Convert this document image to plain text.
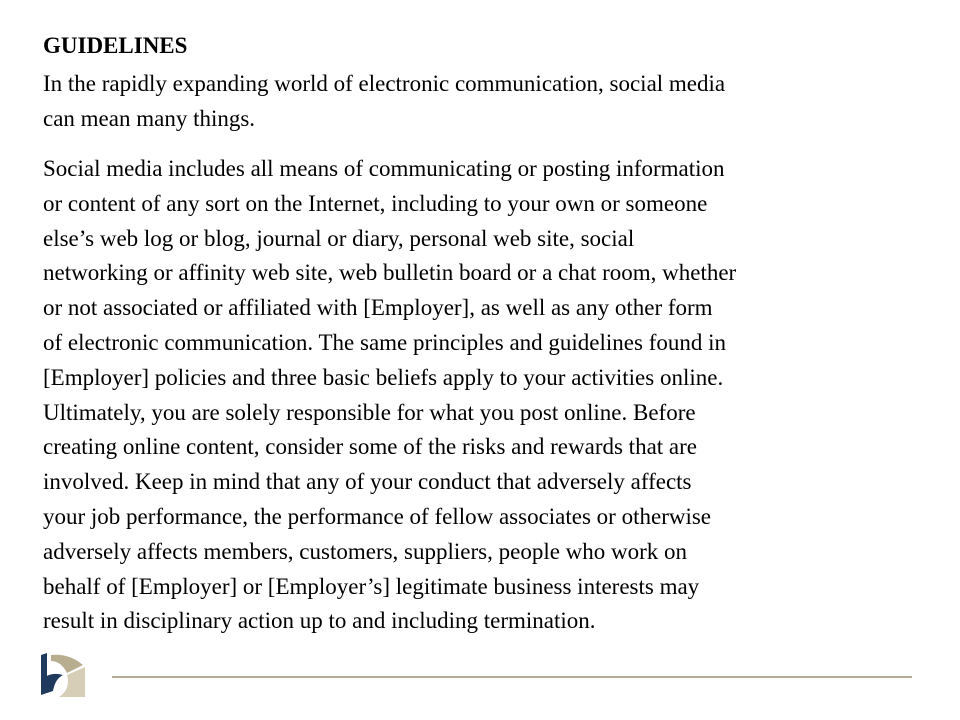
GUIDELINES
In the rapidly expanding world of electronic communication, social media
can mean many things.
Social media includes all means of communicating or posting information
or content of any sort on the Internet, including to your own or someone
else’s web log or blog, journal or diary, personal web site, social
networking or affinity web site, web bulletin board or a chat room, whether
or not associated or affiliated with [Employer], as well as any other form
of electronic communication. The same principles and guidelines found in
[Employer] policies and three basic beliefs apply to your activities online.
Ultimately, you are solely responsible for what you post online. Before
creating online content, consider some of the risks and rewards that are
involved. Keep in mind that any of your conduct that adversely affects
your job performance, the performance of fellow associates or otherwise
adversely affects members, customers, suppliers, people who work on
behalf of [Employer] or [Employer’s] legitimate business interests may
result in disciplinary action up to and including termination.
